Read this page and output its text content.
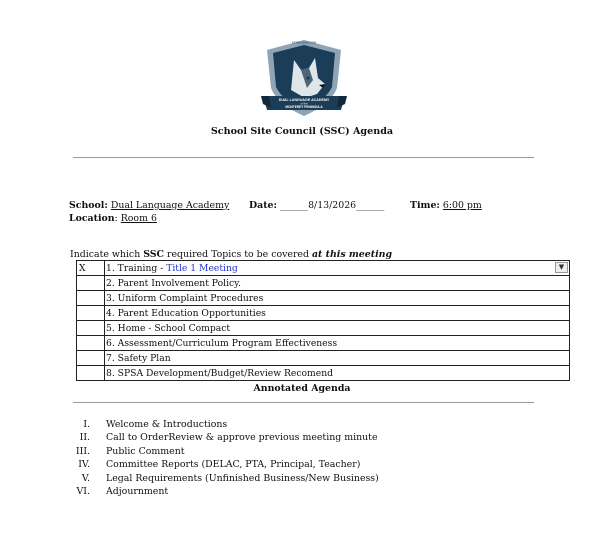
DUAL LANGUAGE ACADEMY
of the
MONTEREY PENINSULA
ESTABLISHED 2008
School Site Council (SSC) Agenda
School: Dual Language Academy Date: ______8/13/2026______	Time: 6:00 pm
Location: Room 6
Indicate which SSC required Topics to be covered at this meeting
X	1. Training - Title 1 Meeting ▼

	2. Parent Involvement Policy.
	3. Uniform Complaint Procedures
	4. Parent Education Opportunities
	5. Home - School Compact
	6. Assessment/Curriculum Program Effectiveness
	7. Safety Plan
	8. SPSA Development/Budget/Review Recomend
Annotated Agenda
I. Welcome & Introductions
II. Call to OrderReview & approve previous meeting minute
III. Public Comment
IV. Committee Reports (DELAC, PTA, Principal, Teacher)
V. Legal Requirements (Unfinished Business/New Business)
VI. Adjournment
